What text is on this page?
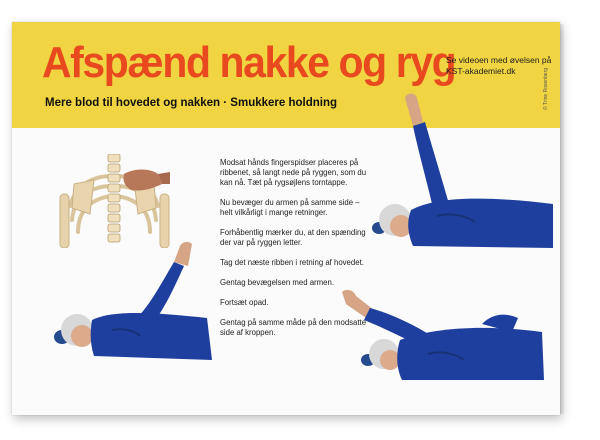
Afspænd nakke og ryg
Mere blod til hovedet og nakken · Smukkere holdning
Se videoen med øvelsen på KST-akademiet.dk	© Trine Rosenberg

Modsat hånds fingerspidser placeres på ribbenet, så langt nede på ryggen, som du kan nå. Tæt på rygsøjlens torntappe.

Nu bevæger du armen på samme side – helt vilkårligt i mange retninger.

Forhåbentlig mærker du, at den spænding der var på ryggen letter.

Tag det næste ribben i retning af hovedet.

Gentag bevægelsen med armen.

Fortsæt opad.

Gentag på samme måde på den modsatte side af kroppen.
